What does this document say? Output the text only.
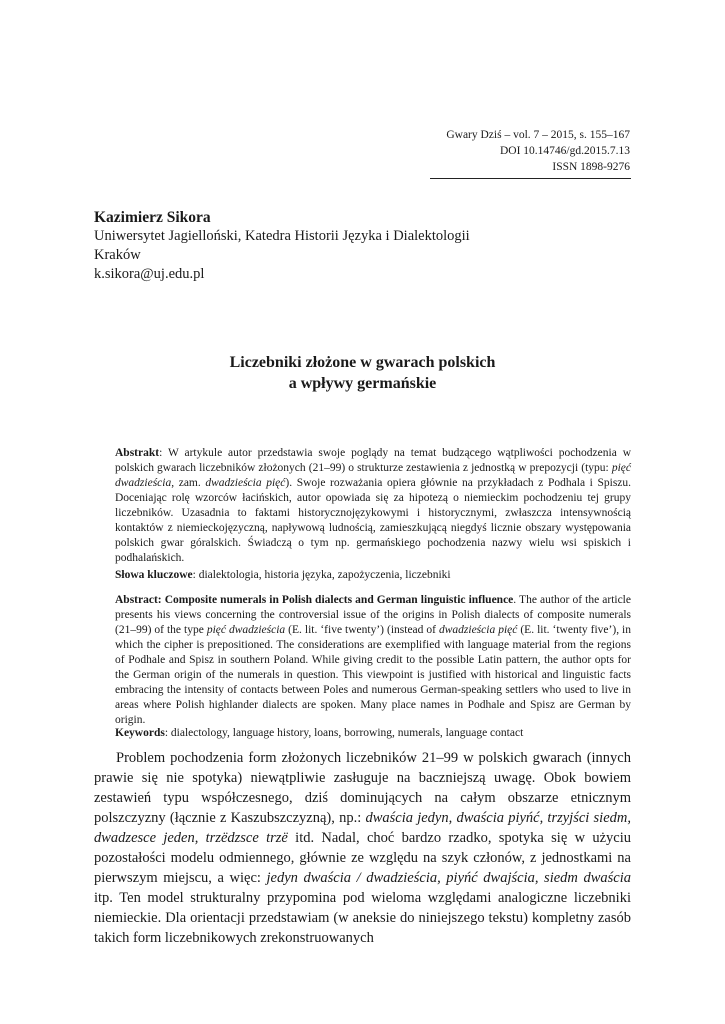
Gwary Dziś – vol. 7 – 2015, s. 155–167
DOI 10.14746/gd.2015.7.13
ISSN 1898-9276
Kazimierz Sikora
Uniwersytet Jagielloński, Katedra Historii Języka i Dialektologii
Kraków
k.sikora@uj.edu.pl
Liczebniki złożone w gwarach polskich
a wpływy germańskie
Abstrakt: W artykule autor przedstawia swoje poglądy na temat budzącego wątpliwości pochodzenia w polskich gwarach liczebników złożonych (21–99) o strukturze zestawienia z jednostką w prepozycji (typu: pięć dwadzieścia, zam. dwadzieścia pięć). Swoje rozważania opiera głównie na przykładach z Podhala i Spiszu. Doceniając rolę wzorców łacińskich, autor opowiada się za hipotezą o niemieckim pochodzeniu tej grupy liczebników. Uzasadnia to faktami historycznojęzykowymi i historycznymi, zwłaszcza intensywnością kontaktów z niemieckojęzyczną, napływową ludnością, zamieszkującą niegdyś licznie obszary występowania polskich gwar góralskich. Świadczą o tym np. germańskiego pochodzenia nazwy wielu wsi spiskich i podhalańskich.
Słowa kluczowe: dialektologia, historia języka, zapożyczenia, liczebniki
Abstract: Composite numerals in Polish dialects and German linguistic influence. The author of the article presents his views concerning the controversial issue of the origins in Polish dialects of composite numerals (21–99) of the type pięć dwadzieścia (E. lit. ‘five twenty’) (instead of dwadzieścia pięć (E. lit. ‘twenty five’), in which the cipher is prepositioned. The considerations are exemplified with language material from the regions of Podhale and Spisz in southern Poland. While giving credit to the possible Latin pattern, the author opts for the German origin of the numerals in question. This viewpoint is justified with historical and linguistic facts embracing the intensity of contacts between Poles and numerous German-speaking settlers who used to live in areas where Polish highlander dialects are spoken. Many place names in Podhale and Spisz are German by origin.
Keywords: dialectology, language history, loans, borrowing, numerals, language contact

Problem pochodzenia form złożonych liczebników 21–99 w polskich gwarach (innych prawie się nie spotyka) niewątpliwie zasługuje na baczniejszą uwagę. Obok bowiem zestawień typu współczesnego, dziś dominujących na całym obszarze etnicznym polszczyzny (łącznie z Kaszubszczyzną), np.: dwaścia jedyn, dwaścia piyńć, trzyjści siedm, dwadzesce jeden, trzëdzsce trzë itd. Nadal, choć bardzo rzadko, spotyka się w użyciu pozostałości modelu odmiennego, głównie ze względu na szyk członów, z jednostkami na pierwszym miejscu, a więc: jedyn dwaścia / dwadzieścia, piyńć dwajścia, siedm dwaścia itp. Ten model strukturalny przypomina pod wieloma względami analogiczne liczebniki niemieckie. Dla orientacji przedstawiam (w aneksie do niniejszego tekstu) kompletny zasób takich form liczebnikowych zrekonstruowanych
